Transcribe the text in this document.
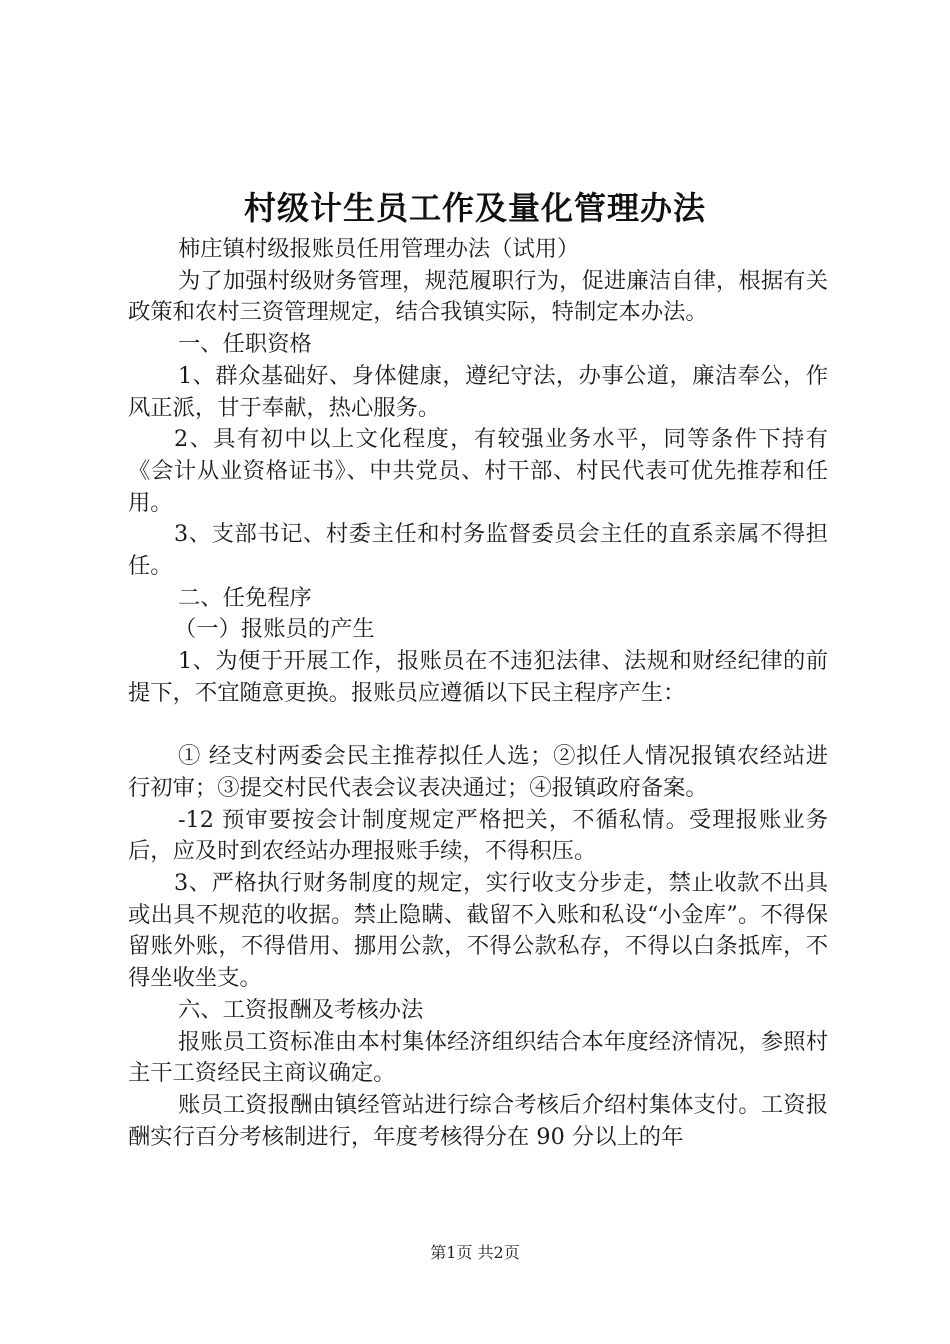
村级计生员工作及量化管理办法

柿庄镇村级报账员任用管理办法（试用）

为了加强村级财务管理，规范履职行为，促进廉洁自律，根据有关政策和农村三资管理规定，结合我镇实际，特制定本办法。

一、任职资格

1、群众基础好、身体健康，遵纪守法，办事公道，廉洁奉公，作风正派，甘于奉献，热心服务。

2、具有初中以上文化程度，有较强业务水平，同等条件下持有《会计从业资格证书》、中共党员、村干部、村民代表可优先推荐和任用。

3、支部书记、村委主任和村务监督委员会主任的直系亲属不得担任。

二、任免程序

（一）报账员的产生

1、为便于开展工作，报账员在不违犯法律、法规和财经纪律的前提下，不宜随意更换。报账员应遵循以下民主程序产生：

① 经支村两委会民主推荐拟任人选；②拟任人情况报镇农经站进行初审；③提交村民代表会议表决通过；④报镇政府备案。

-12 预审要按会计制度规定严格把关，不循私情。受理报账业务后，应及时到农经站办理报账手续，不得积压。

3、严格执行财务制度的规定，实行收支分步走，禁止收款不出具或出具不规范的收据。禁止隐瞒、截留不入账和私设“小金库”。不得保留账外账，不得借用、挪用公款，不得公款私存，不得以白条抵库，不得坐收坐支。

六、工资报酬及考核办法

报账员工资标准由本村集体经济组织结合本年度经济情况，参照村主干工资经民主商议确定。

账员工资报酬由镇经管站进行综合考核后介绍村集体支付。工资报酬实行百分考核制进行，年度考核得分在 90 分以上的年

第1页 共2页
